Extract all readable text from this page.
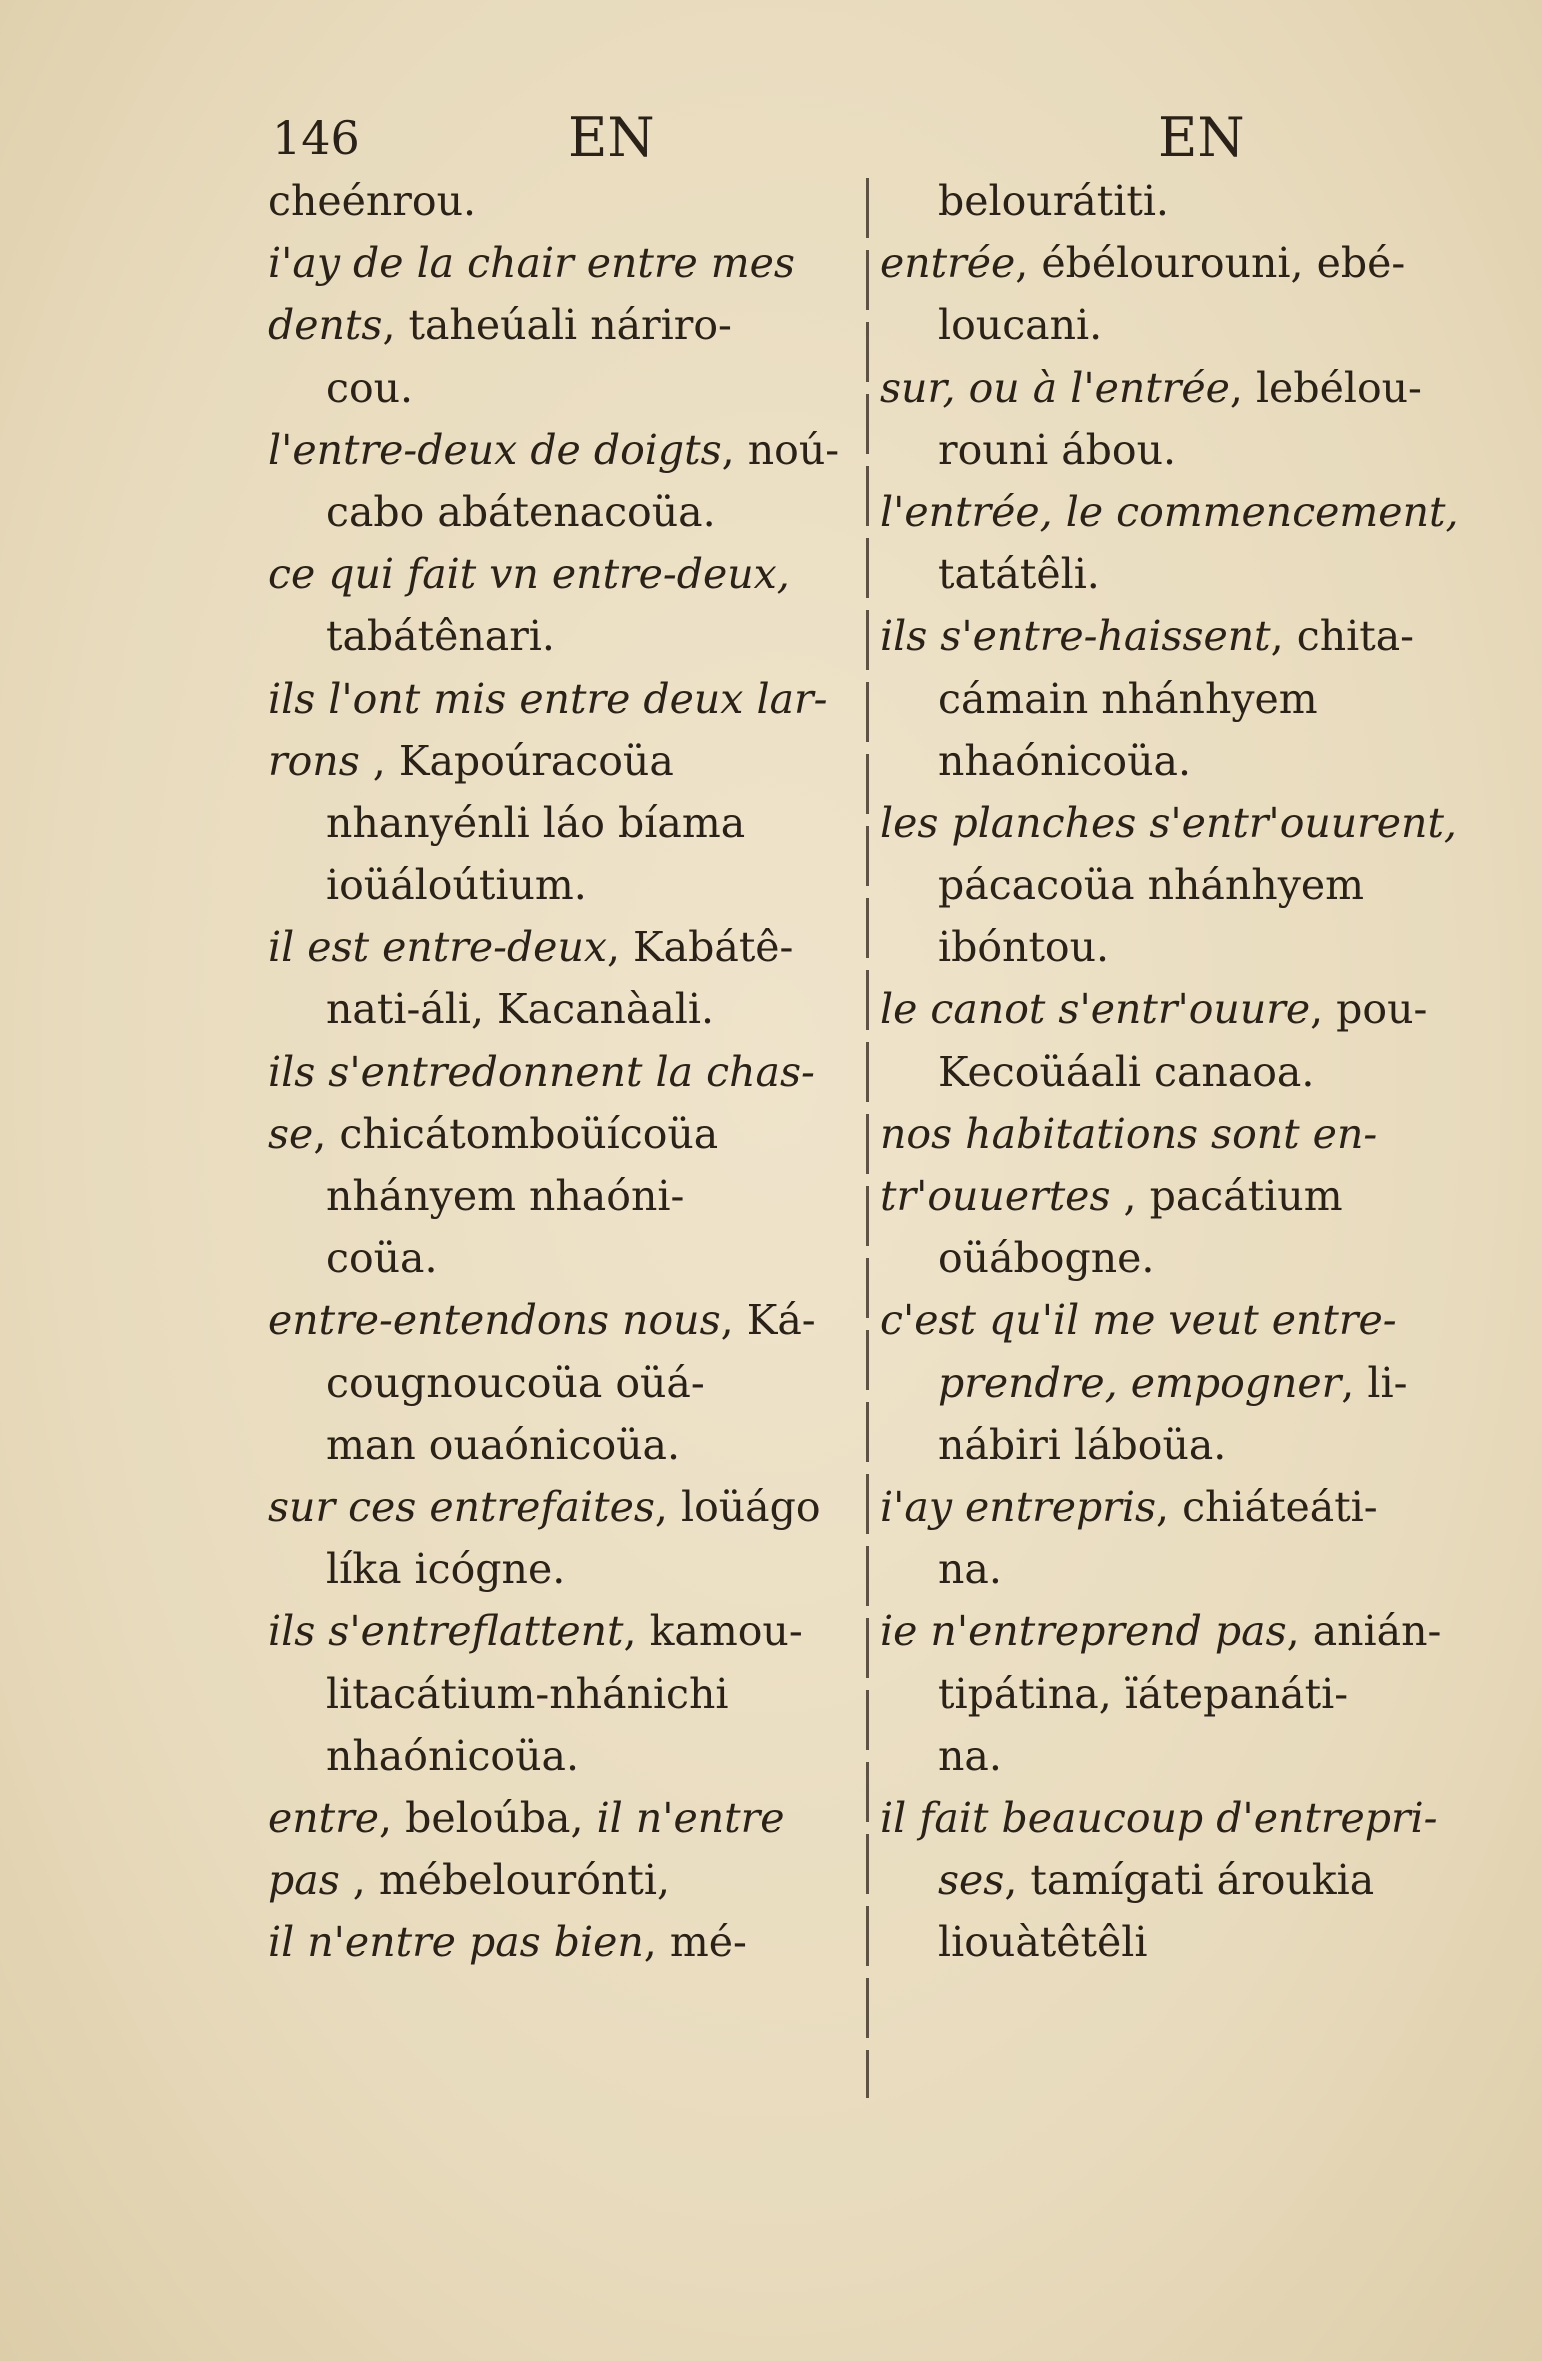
146	EN	EN
cheénrou.
i'ay de la chair entre mes
dents, taheúali náriro-
cou.
l'entre-deux de doigts, noú-
cabo abátenacoüa.
ce qui fait vn entre-deux,
tabátênari.
ils l'ont mis entre deux lar-
rons , Kapoúracoüa
nhanyénli láo bíama
ioüáloútium.
il est entre-deux, Kabátê-
nati-áli, Kacanàali.
ils s'entredonnent la chas-
se, chicátomboüícoüa
nhányem nhaóni-
coüa.
entre-entendons nous, Ká-
cougnoucoüa oüá-
man ouaónicoüa.
sur ces entrefaites, loüágo
líka icógne.
ils s'entreflattent, kamou-
litacátium-nhánichi
nhaónicoüa.
entre, beloúba, il n'entre
pas , mébelourónti,
il n'entre pas bien, mé-
belourátiti.
entrée, ébélourouni, ebé-
loucani.
sur, ou à l'entrée, lebélou-
rouni ábou.
l'entrée, le commencement,
tatátêli.
ils s'entre-haissent, chita-
cámain nhánhyem
nhaónicoüa.
les planches s'entr'ouurent,
pácacoüa nhánhyem
ibóntou.
le canot s'entr'ouure, pou-
Kecoüáali canaoa.
nos habitations sont en-
tr'ouuertes , pacátium
oüábogne.
c'est qu'il me veut entre-
prendre, empogner, li-
nábiri láboüa.
i'ay entrepris, chiáteáti-
na.
ie n'entreprend pas, anián-
tipátina, ïátepanáti-
na.
il fait beaucoup d'entrepri-
ses, tamígati ároukia
liouàtêtêli
